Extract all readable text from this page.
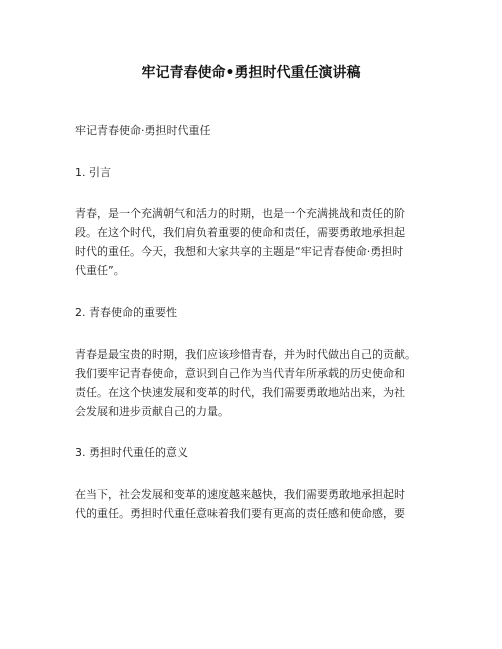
牢记青春使命•勇担时代重任演讲稿
牢记青春使命·勇担时代重任
1. 引言
青春，是一个充满朝气和活力的时期，也是一个充满挑战和责任的阶
段。在这个时代，我们肩负着重要的使命和责任，需要勇敢地承担起
时代的重任。今天，我想和大家共享的主题是“牢记青春使命·勇担时
代重任”。
2. 青春使命的重要性
青春是最宝贵的时期，我们应该珍惜青春，并为时代做出自己的贡献。
我们要牢记青春使命，意识到自己作为当代青年所承载的历史使命和
责任。在这个快速发展和变革的时代，我们需要勇敢地站出来，为社
会发展和进步贡献自己的力量。
3. 勇担时代重任的意义
在当下，社会发展和变革的速度越来越快，我们需要勇敢地承担起时
代的重任。勇担时代重任意味着我们要有更高的责任感和使命感，要
